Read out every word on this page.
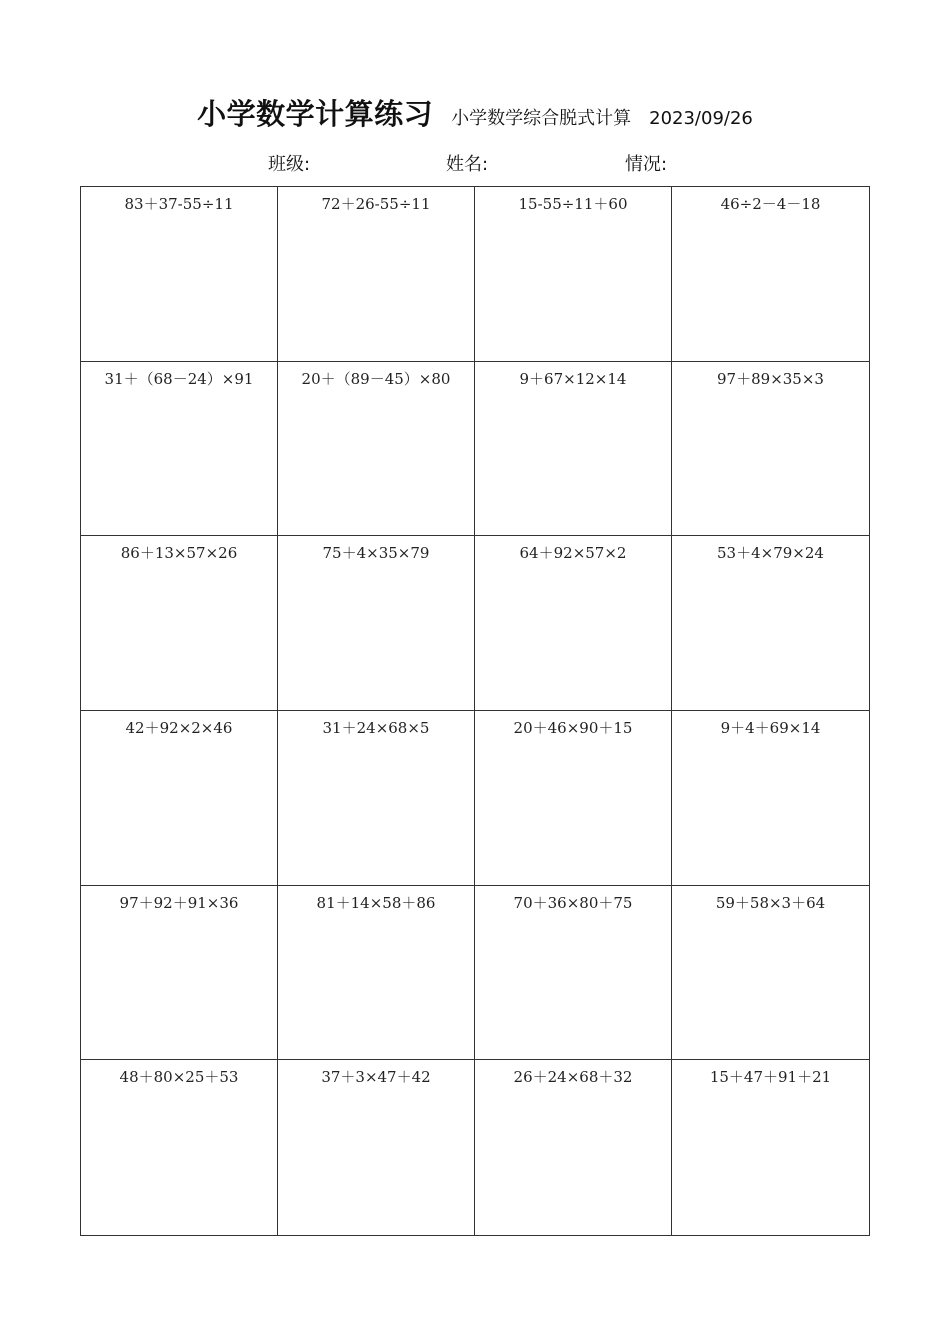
小学数学计算练习 小学数学综合脱式计算 2023/09/26
班级:	姓名:	情况:
83＋37-55÷11	72＋26-55÷11	15-55÷11＋60	46÷2－4－18
31＋（68－24）×91	20＋（89－45）×80	9＋67×12×14	97＋89×35×3
86＋13×57×26	75＋4×35×79	64＋92×57×2	53＋4×79×24
42＋92×2×46	31＋24×68×5	20＋46×90＋15	9＋4＋69×14
97＋92＋91×36	81＋14×58＋86	70＋36×80＋75	59＋58×3＋64
48＋80×25＋53	37＋3×47＋42	26＋24×68＋32	15＋47＋91＋21
